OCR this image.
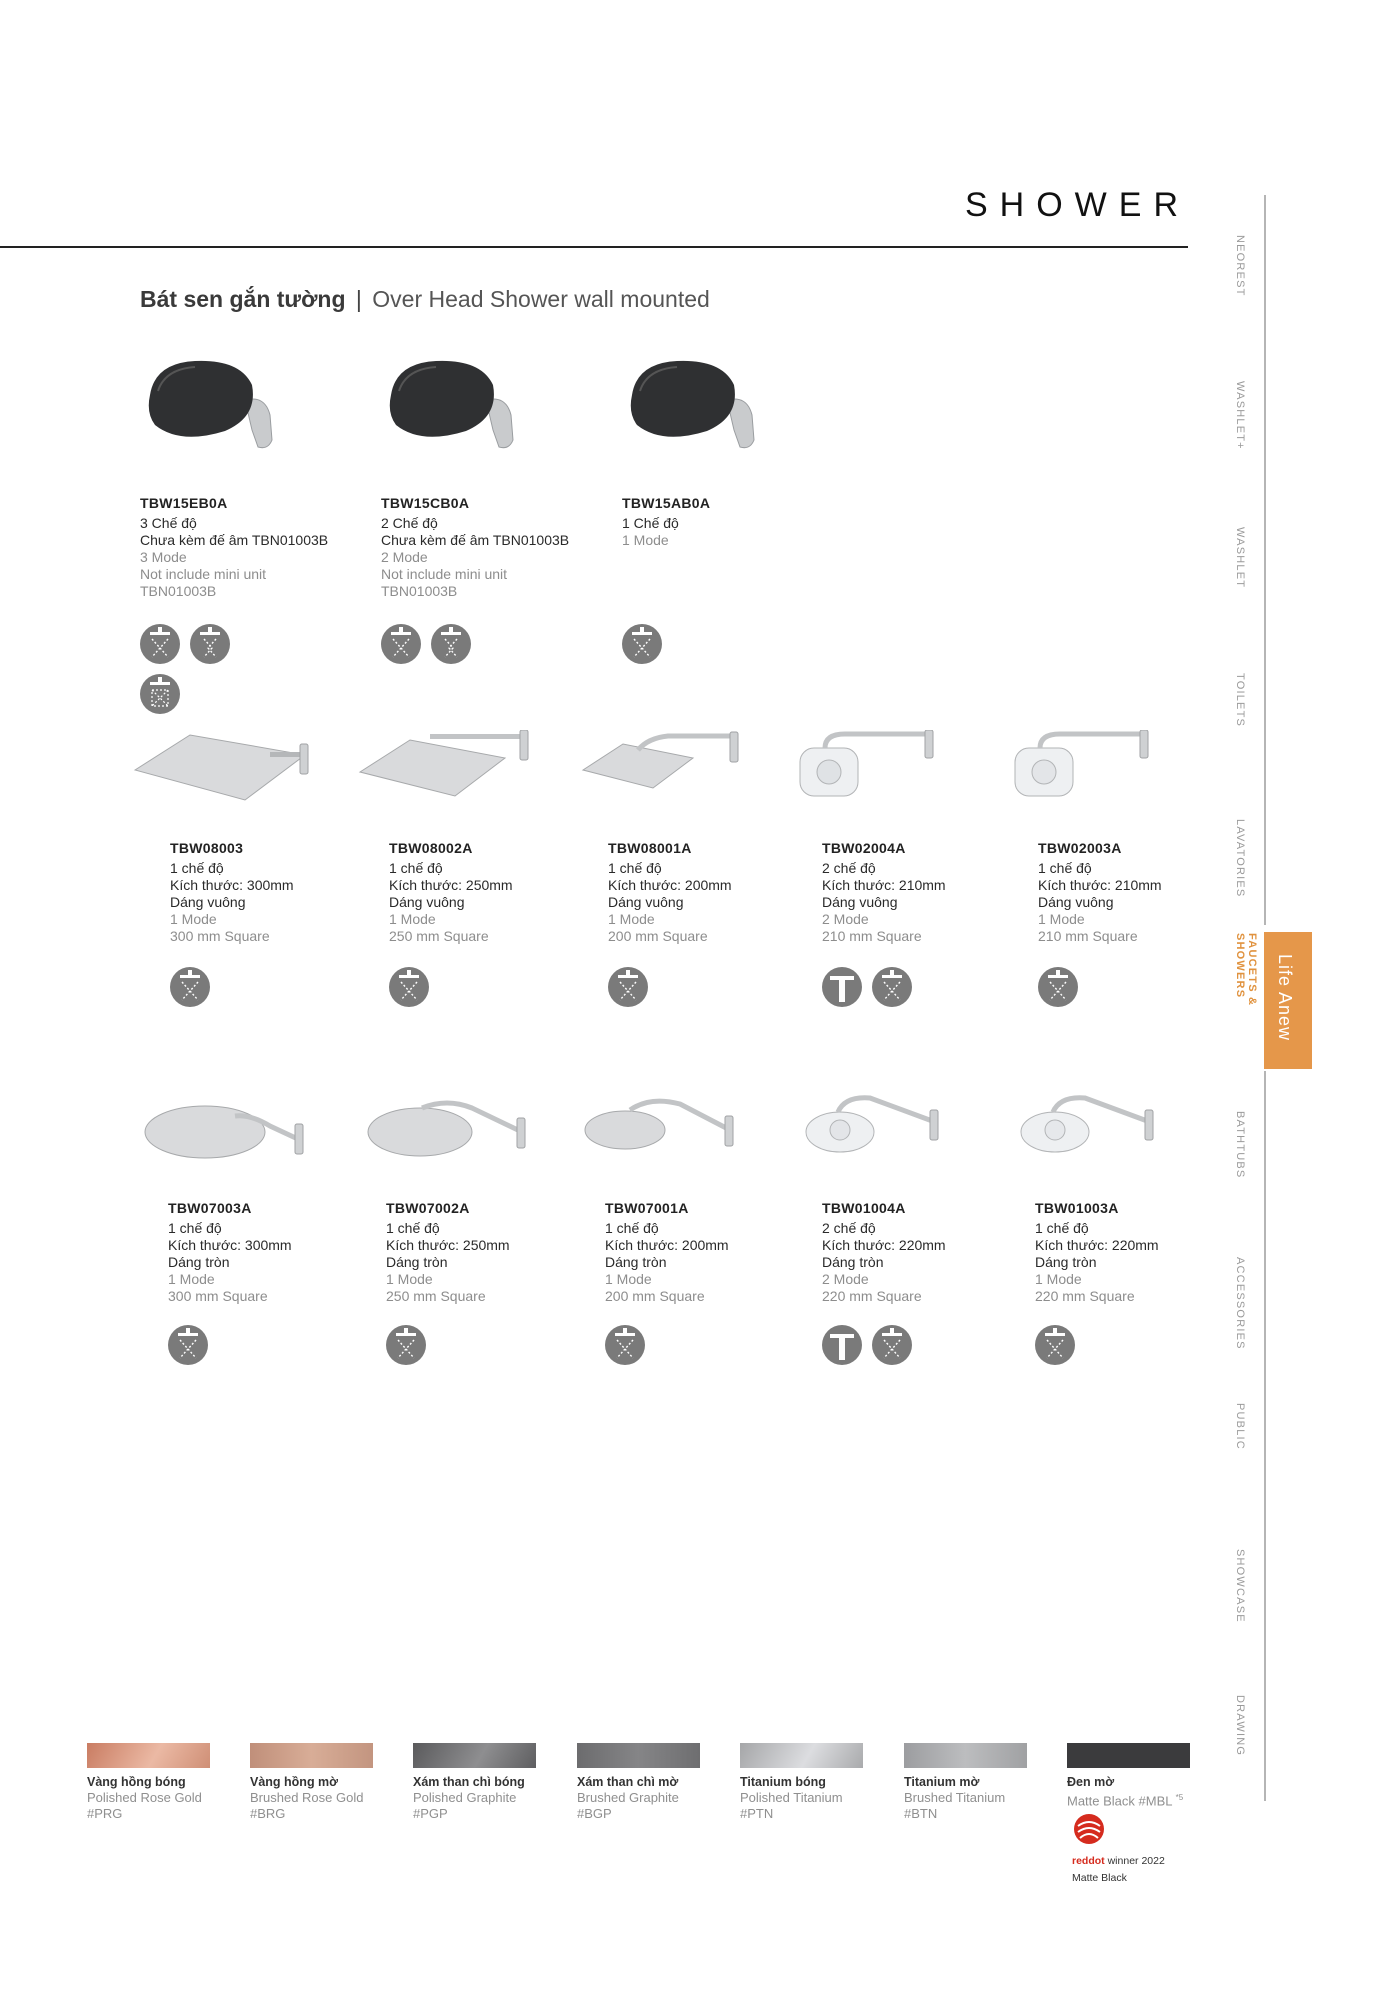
SHOWER
Bát sen gắn tường | Over Head Shower wall mounted
TBW15EB0A
3 Chế độ
Chưa kèm đế âm TBN01003B
3 Mode
Not include mini unit
TBN01003B
TBW15CB0A
2 Chế độ
Chưa kèm đế âm TBN01003B
2 Mode
Not include mini unit
TBN01003B
TBW15AB0A
1 Chế độ
1 Mode
TBW08003
1 chế độ
Kích thước: 300mm
Dáng vuông
1 Mode
300 mm Square
TBW08002A
1 chế độ
Kích thước: 250mm
Dáng vuông
1 Mode
250 mm Square
TBW08001A
1 chế độ
Kích thước: 200mm
Dáng vuông
1 Mode
200 mm Square
TBW02004A
2 chế độ
Kích thước: 210mm
Dáng vuông
2 Mode
210 mm Square
TBW02003A
1 chế độ
Kích thước: 210mm
Dáng vuông
1 Mode
210 mm Square
TBW07003A
1 chế độ
Kích thước: 300mm
Dáng tròn
1 Mode
300 mm Square
TBW07002A
1 chế độ
Kích thước: 250mm
Dáng tròn
1 Mode
250 mm Square
TBW07001A
1 chế độ
Kích thước: 200mm
Dáng tròn
1 Mode
200 mm Square
TBW01004A
2 chế độ
Kích thước: 220mm
Dáng tròn
2 Mode
220 mm Square
TBW01003A
1 chế độ
Kích thước: 220mm
Dáng tròn
1 Mode
220 mm Square
NEOREST
WASHLET+
WASHLET
TOILETS
LAVATORIES
FAUCETS & SHOWERS
BATHTUBS
ACCESSORIES
PUBLIC
SHOWCASE
DRAWING
Life Anew
Vàng hồng bóng
Polished Rose Gold
#PRG
Vàng hồng mờ
Brushed Rose Gold
#BRG
Xám than chì bóng
Polished Graphite
#PGP
Xám than chì mờ
Brushed Graphite
#BGP
Titanium bóng
Polished Titanium
#PTN
Titanium mờ
Brushed Titanium
#BTN
Đen mờ
Matte Black #MBL $^{*5}$
reddot winner 2022
Matte Black
